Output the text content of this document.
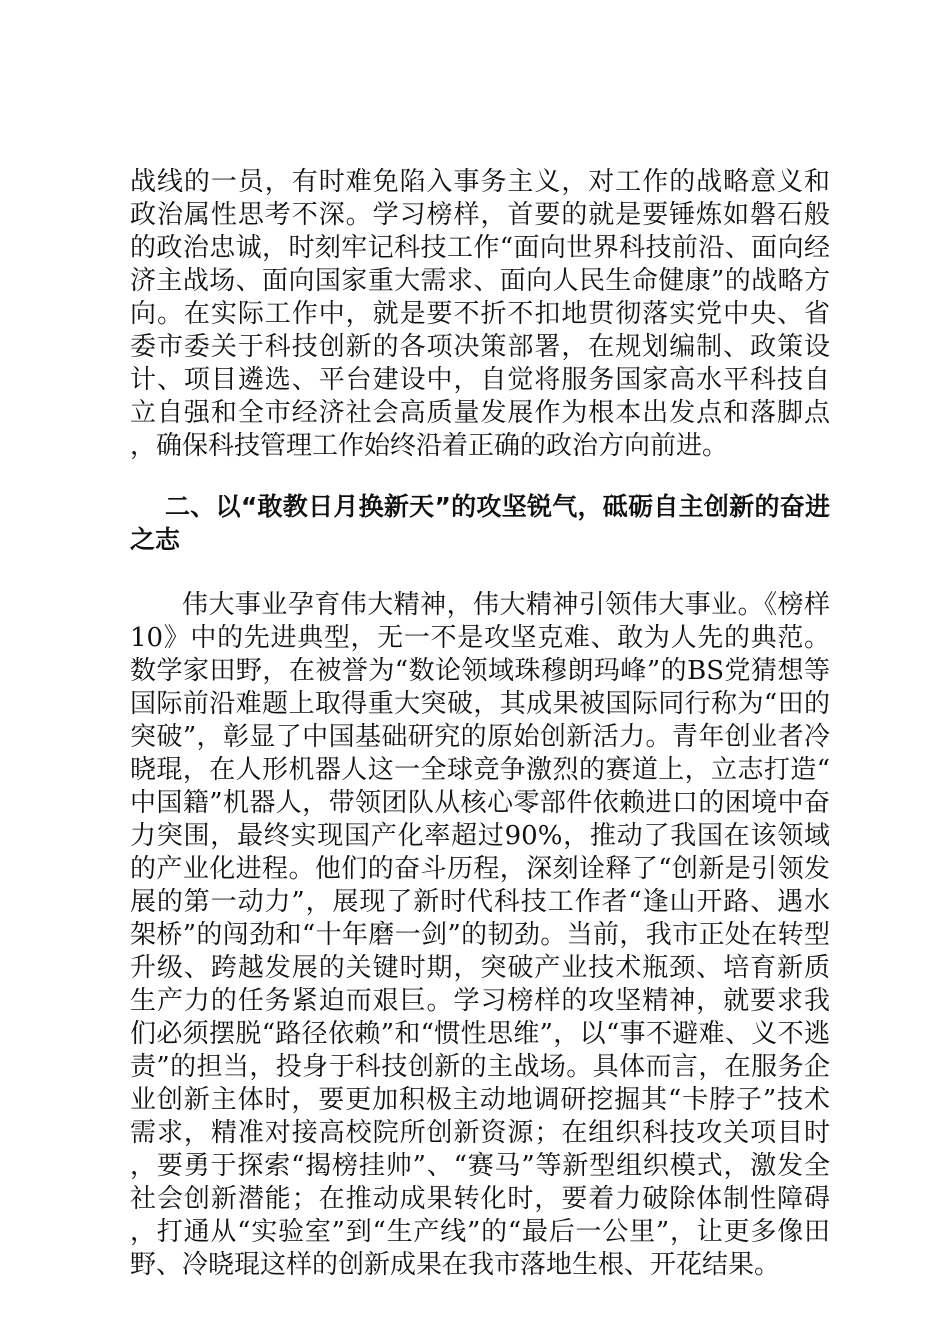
战线的一员，有时难免陷入事务主义，对工作的战略意义和政治属性思考不深。学习榜样，首要的就是要锤炼如磐石般的政治忠诚，时刻牢记科技工作“面向世界科技前沿、面向经济主战场、面向国家重大需求、面向人民生命健康”的战略方向。在实际工作中，就是要不折不扣地贯彻落实党中央、省委市委关于科技创新的各项决策部署，在规划编制、政策设计、项目遴选、平台建设中，自觉将服务国家高水平科技自立自强和全市经济社会高质量发展作为根本出发点和落脚点，确保科技管理工作始终沿着正确的政治方向前进。

二、以“敢教日月换新天”的攻坚锐气，砥砺自主创新的奋进之志

伟大事业孕育伟大精神，伟大精神引领伟大事业。《榜样10》中的先进典型，无一不是攻坚克难、敢为人先的典范。数学家田野，在被誉为“数论领域珠穆朗玛峰”的BS党猜想等国际前沿难题上取得重大突破，其成果被国际同行称为“田的突破”，彰显了中国基础研究的原始创新活力。青年创业者冷晓琨，在人形机器人这一全球竞争激烈的赛道上，立志打造“中国籍”机器人，带领团队从核心零部件依赖进口的困境中奋力突围，最终实现国产化率超过90%，推动了我国在该领域的产业化进程。他们的奋斗历程，深刻诠释了“创新是引领发展的第一动力”，展现了新时代科技工作者“逢山开路、遇水架桥”的闯劲和“十年磨一剑”的韧劲。当前，我市正处在转型升级、跨越发展的关键时期，突破产业技术瓶颈、培育新质生产力的任务紧迫而艰巨。学习榜样的攻坚精神，就要求我们必须摆脱“路径依赖”和“惯性思维”，以“事不避难、义不逃责”的担当，投身于科技创新的主战场。具体而言，在服务企业创新主体时，要更加积极主动地调研挖掘其“卡脖子”技术需求，精准对接高校院所创新资源；在组织科技攻关项目时，要勇于探索“揭榜挂帅”、“赛马”等新型组织模式，激发全社会创新潜能；在推动成果转化时，要着力破除体制性障碍，打通从“实验室”到“生产线”的“最后一公里”，让更多像田野、冷晓琨这样的创新成果在我市落地生根、开花结果。
